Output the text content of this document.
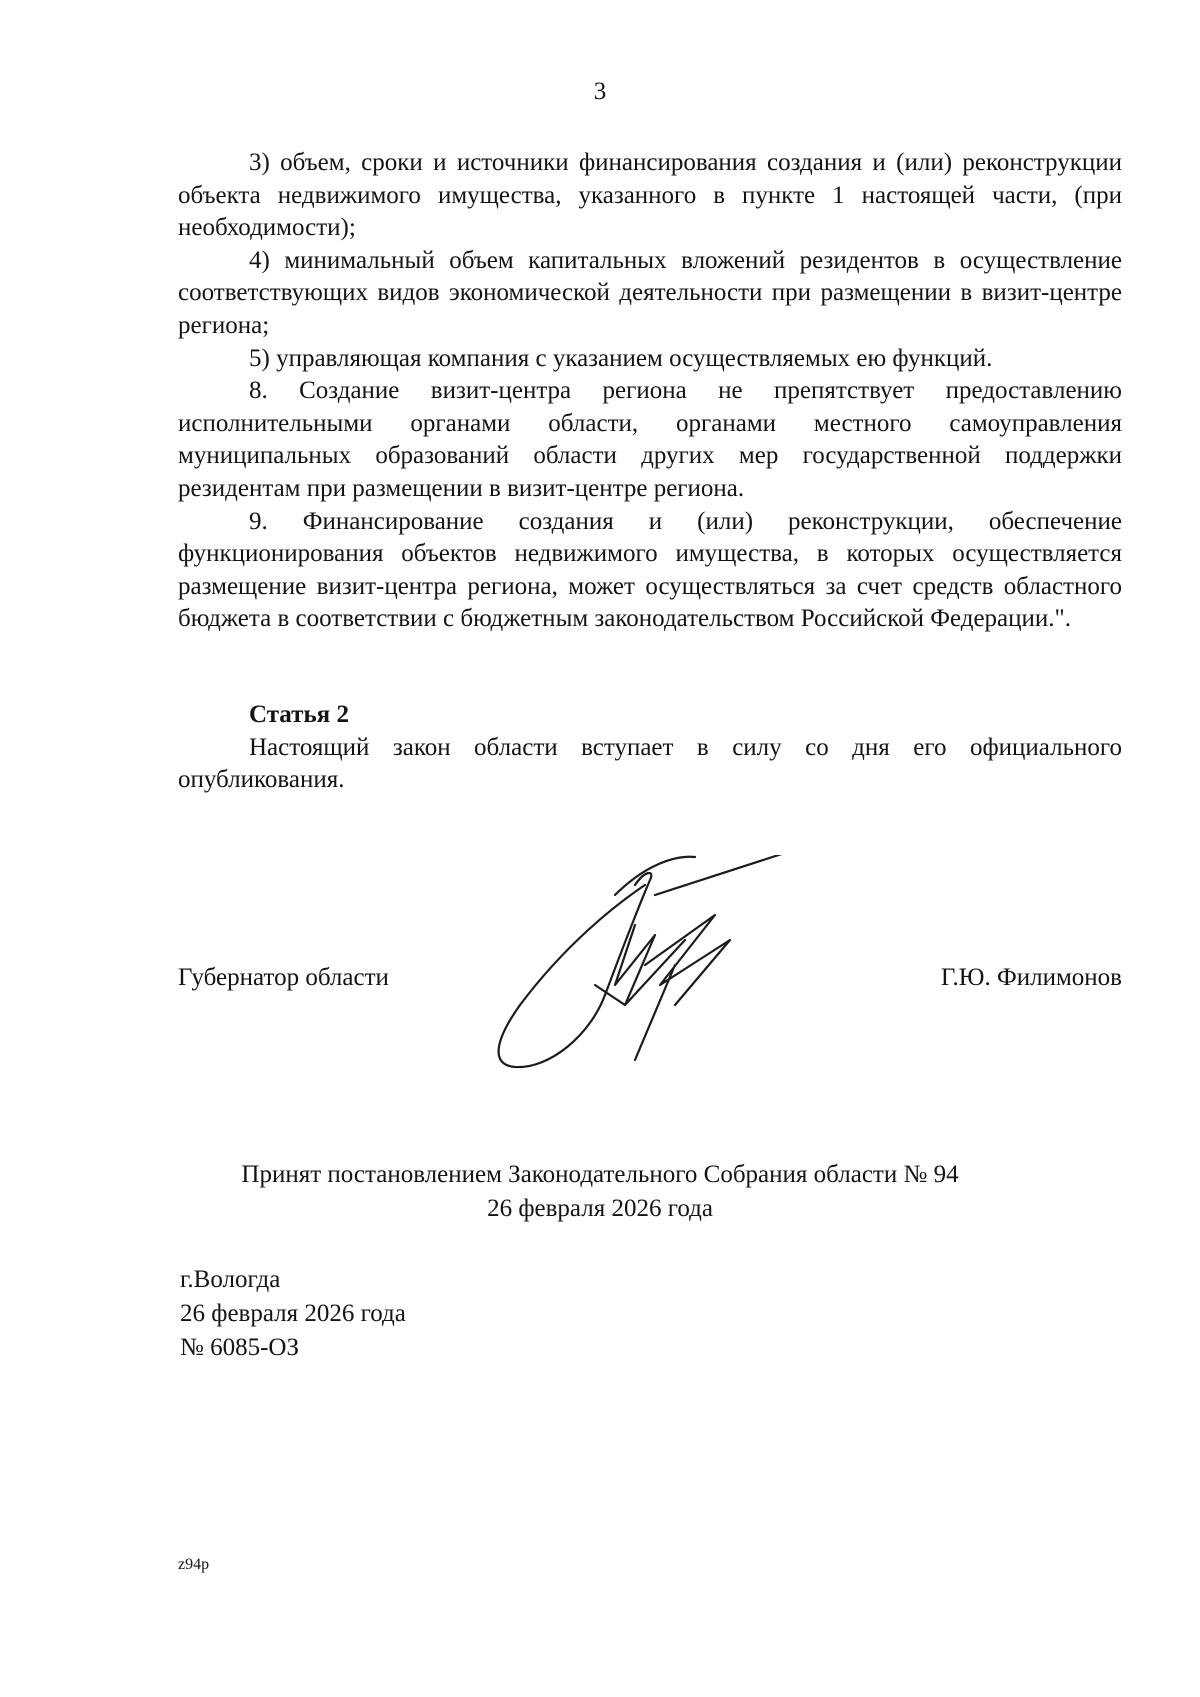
3

3) объем, сроки и источники финансирования создания и (или) реконструкции объекта недвижимого имущества, указанного в пункте 1 настоящей части, (при необходимости);

4) минимальный объем капитальных вложений резидентов в осуществление соответствующих видов экономической деятельности при размещении в визит-центре региона;

5) управляющая компания с указанием осуществляемых ею функций.

8. Создание визит-центра региона не препятствует предоставлению исполнительными органами области, органами местного самоуправления муниципальных образований области других мер государственной поддержки резидентам при размещении в визит-центре региона.

9. Финансирование создания и (или) реконструкции, обеспечение функционирования объектов недвижимого имущества, в которых осуществляется размещение визит-центра региона, может осуществляться за счет средств областного бюджета в соответствии с бюджетным законодательством Российской Федерации.".

Статья 2

Настоящий закон области вступает в силу со дня его официального опубликования.

Губернатор области	Г.Ю. Филимонов
Принят постановлением Законодательного Собрания области № 94
26 февраля 2026 года
г.Вологда
26 февраля 2026 года
№ 6085-ОЗ
z94p
